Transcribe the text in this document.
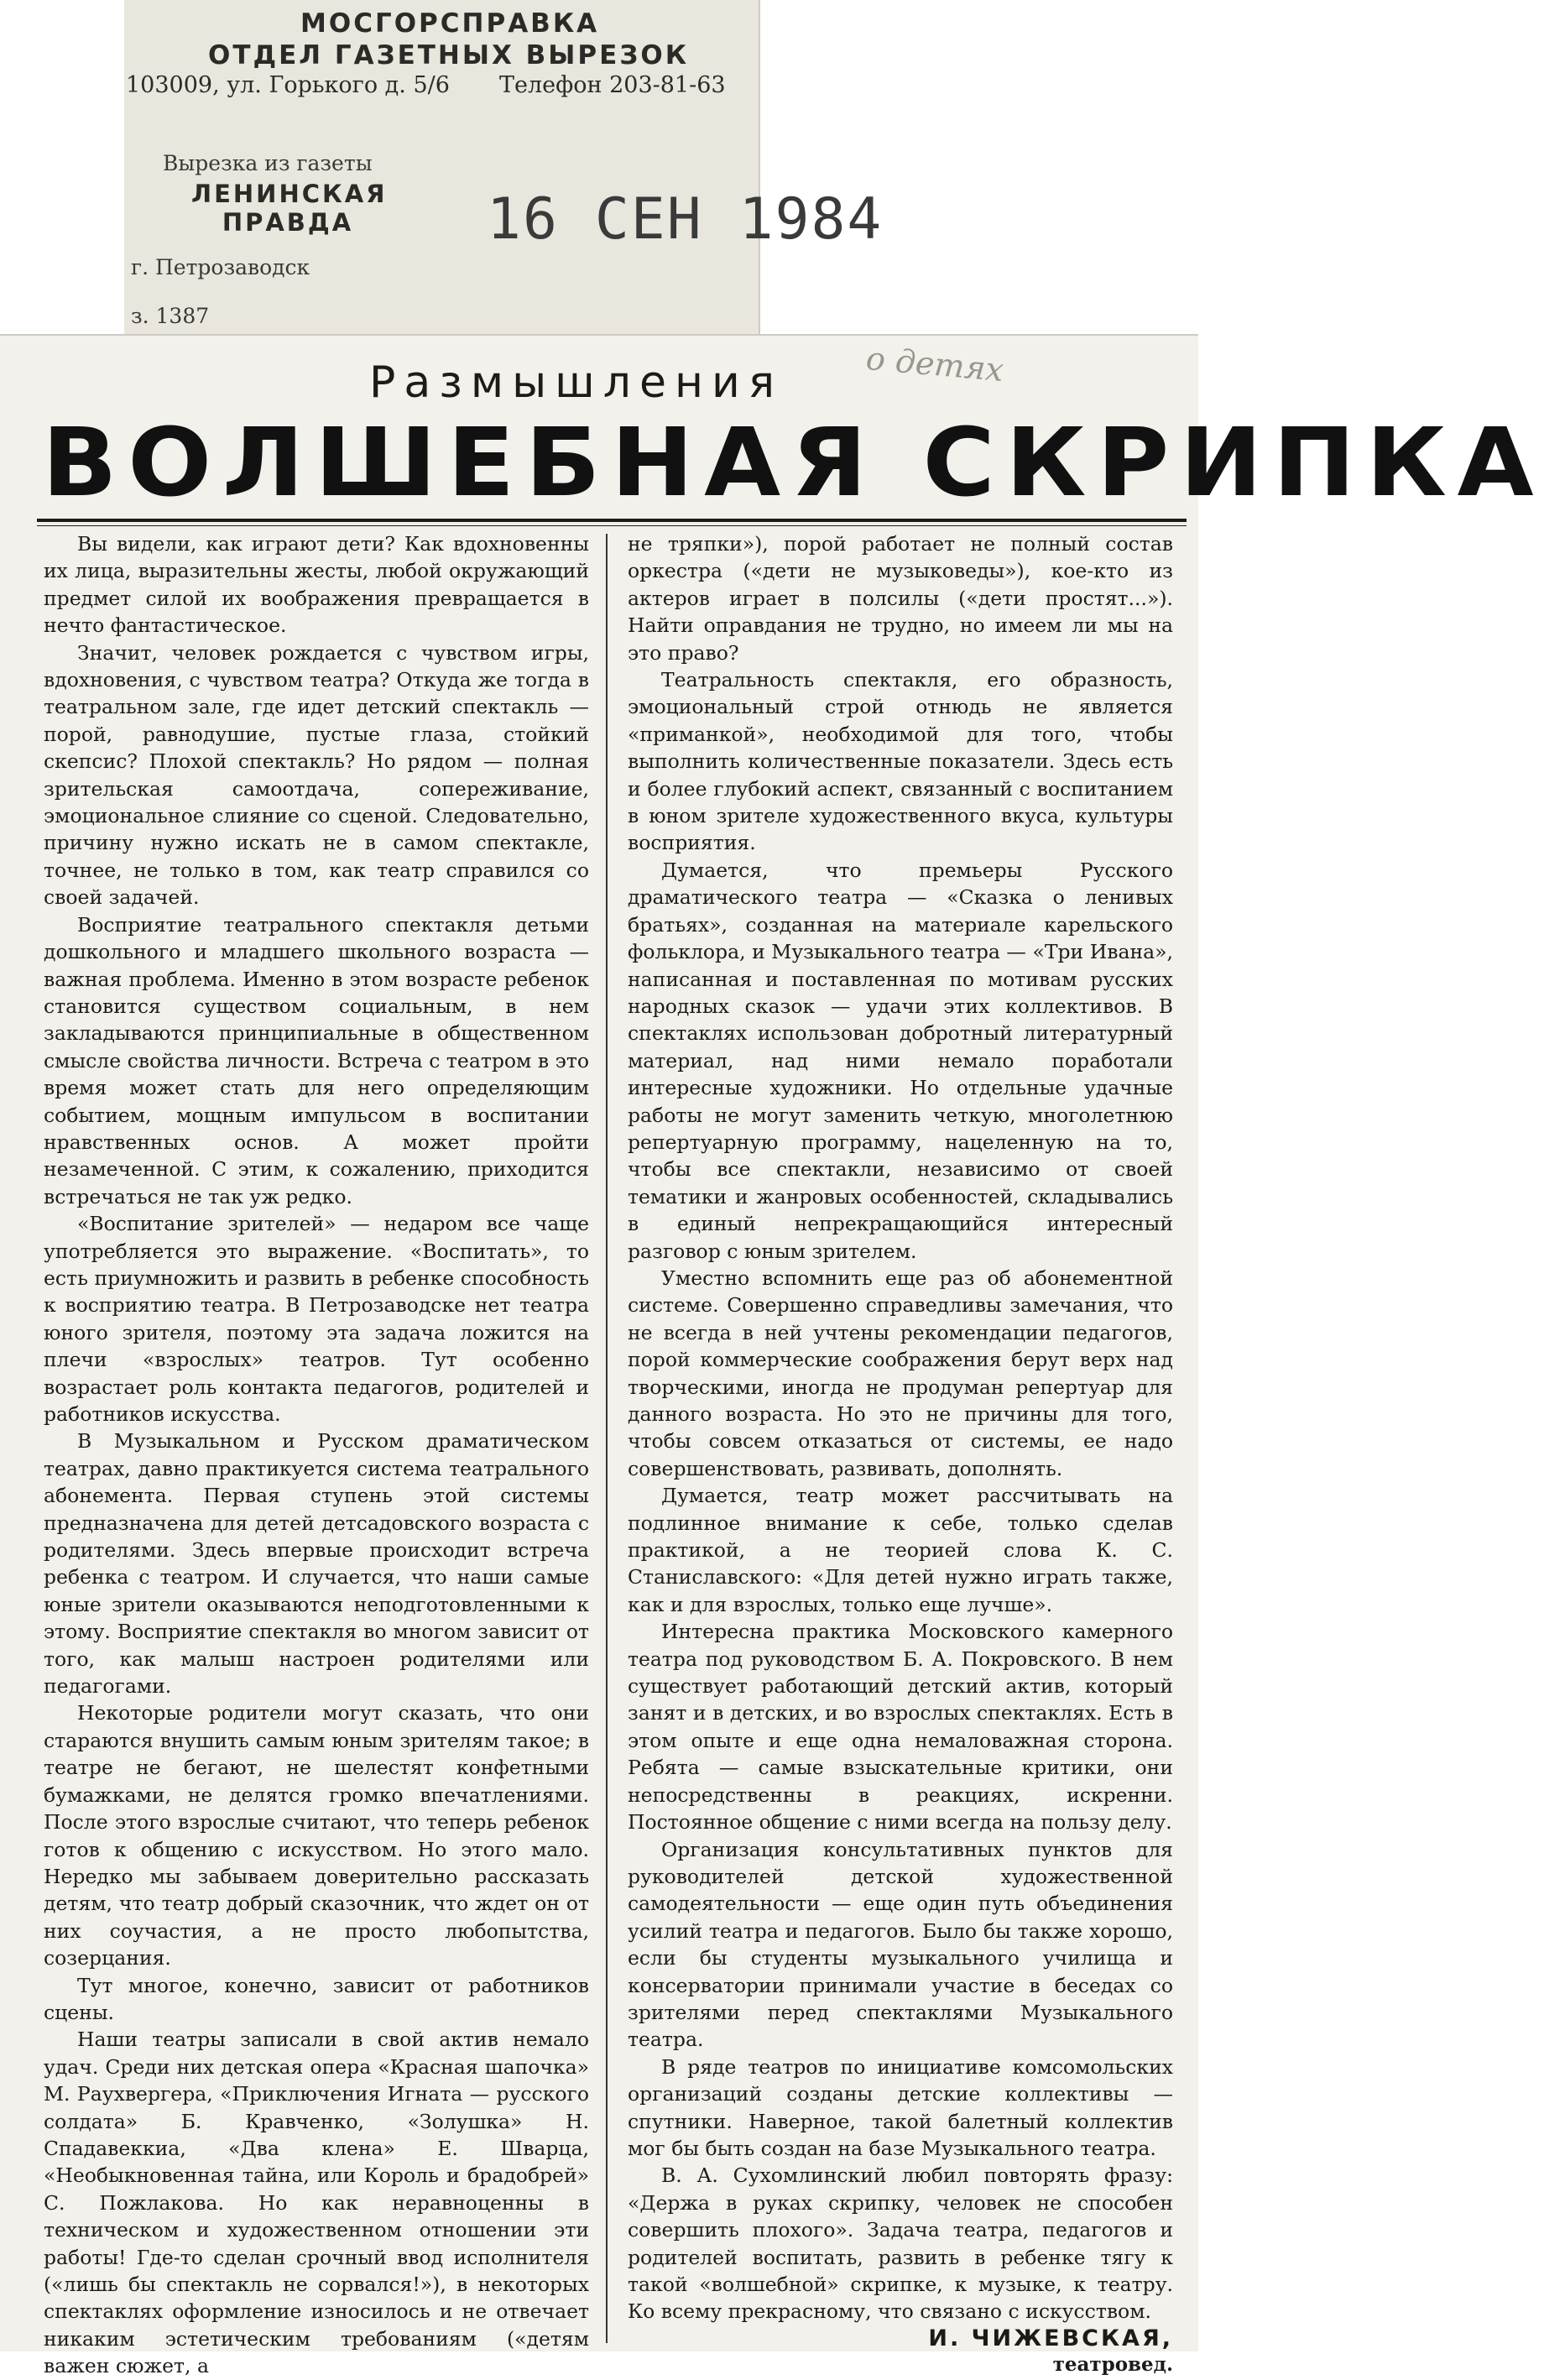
МОСГОРСПРАВКА
ОТДЕЛ ГАЗЕТНЫХ ВЫРЕЗОК
103009, ул. Горького д. 5/6 Телефон 203-81-63
Вырезка из газеты
ЛЕНИНСКАЯ ПРАВДА	16 СЕН 1984
г. Петрозаводск
з. 1387
Размышления	о детях
ВОЛШЕБНАЯ СКРИПКА

Вы видели, как играют дети? Как вдохновенны их лица, выразительны жесты, любой окружающий предмет силой их воображения превращается в нечто фантастическое.

Значит, человек рождается с чувством игры, вдохновения, с чувством театра? Откуда же тогда в театральном зале, где идет детский спектакль — порой, равнодушие, пустые глаза, стойкий скепсис? Плохой спектакль? Но рядом — полная зрительская самоотдача, сопереживание, эмоциональное слияние со сценой. Следовательно, причину нужно искать не в самом спектакле, точнее, не только в том, как театр справился со своей задачей.

Восприятие театрального спектакля детьми дошкольного и младшего школьного возраста — важная проблема. Именно в этом возрасте ребенок становится существом социальным, в нем закладываются принципиальные в общественном смысле свойства личности. Встреча с театром в это время может стать для него определяющим событием, мощным импульсом в воспитании нравственных основ. А может пройти незамеченной. С этим, к сожалению, приходится встречаться не так уж редко.

«Воспитание зрителей» — недаром все чаще употребляется это выражение. «Воспитать», то есть приумножить и развить в ребенке способность к восприятию театра. В Петрозаводске нет театра юного зрителя, поэтому эта задача ложится на плечи «взрослых» театров. Тут особенно возрастает роль контакта педагогов, родителей и работников искусства.

В Музыкальном и Русском драматическом театрах, давно практикуется система театрального абонемента. Первая ступень этой системы предназначена для детей детсадовского возраста с родителями. Здесь впервые происходит встреча ребенка с театром. И случается, что наши самые юные зрители оказываются неподготовленными к этому. Восприятие спектакля во многом зависит от того, как малыш настроен родителями или педагогами.

Некоторые родители могут сказать, что они стараются внушить самым юным зрителям такое; в театре не бегают, не шелестят конфетными бумажками, не делятся громко впечатлениями. После этого взрослые считают, что теперь ребенок готов к общению с искусством. Но этого мало. Нередко мы забываем доверительно рассказать детям, что театр добрый сказочник, что ждет он от них соучастия, а не просто любопытства, созерцания.

Тут многое, конечно, зависит от работников сцены.

Наши театры записали в свой актив немало удач. Среди них детская опера «Красная шапочка» М. Раухвергера, «Приключения Игната — русского солдата» Б. Кравченко, «Золушка» Н. Спадавеккиа, «Два клена» Е. Шварца, «Необыкновенная тайна, или Король и брадобрей» С. Пожлакова. Но как неравноценны в техническом и художественном отношении эти работы! Где-то сделан срочный ввод исполнителя («лишь бы спектакль не сорвался!»), в некоторых спектаклях оформление износилось и не отвечает никаким эстетическим требованиям («детям важен сюжет, а

не тряпки»), порой работает не полный состав оркестра («дети не музыковеды»), кое-кто из актеров играет в полсилы («дети простят...»). Найти оправдания не трудно, но имеем ли мы на это право?

Театральность спектакля, его образность, эмоциональный строй отнюдь не является «приманкой», необходимой для того, чтобы выполнить количественные показатели. Здесь есть и более глубокий аспект, связанный с воспитанием в юном зрителе художественного вкуса, культуры восприятия.

Думается, что премьеры Русского драматического театра — «Сказка о ленивых братьях», созданная на материале карельского фольклора, и Музыкального театра — «Три Ивана», написанная и поставленная по мотивам русских народных сказок — удачи этих коллективов. В спектаклях использован добротный литературный материал, над ними немало поработали интересные художники. Но отдельные удачные работы не могут заменить четкую, многолетнюю репертуарную программу, нацеленную на то, чтобы все спектакли, независимо от своей тематики и жанровых особенностей, складывались в единый непрекращающийся интересный разговор с юным зрителем.

Уместно вспомнить еще раз об абонементной системе. Совершенно справедливы замечания, что не всегда в ней учтены рекомендации педагогов, порой коммерческие соображения берут верх над творческими, иногда не продуман репертуар для данного возраста. Но это не причины для того, чтобы совсем отказаться от системы, ее надо совершенствовать, развивать, дополнять.

Думается, театр может рассчитывать на подлинное внимание к себе, только сделав практикой, а не теорией слова К. С. Станиславского: «Для детей нужно играть также, как и для взрослых, только еще лучше».

Интересна практика Московского камерного театра под руководством Б. А. Покровского. В нем существует работающий детский актив, который занят и в детских, и во взрослых спектаклях. Есть в этом опыте и еще одна немаловажная сторона. Ребята — самые взыскательные критики, они непосредственны в реакциях, искренни. Постоянное общение с ними всегда на пользу делу.

Организация консультативных пунктов для руководителей детской художественной самодеятельности — еще один путь объединения усилий театра и педагогов. Было бы также хорошо, если бы студенты музыкального училища и консерватории принимали участие в беседах со зрителями перед спектаклями Музыкального театра.

В ряде театров по инициативе комсомольских организаций созданы детские коллективы — спутники. Наверное, такой балетный коллектив мог бы быть создан на базе Музыкального театра.

В. А. Сухомлинский любил повторять фразу: «Держа в руках скрипку, человек не способен совершить плохого». Задача театра, педагогов и родителей воспитать, развить в ребенке тягу к такой «волшебной» скрипке, к музыке, к театру. Ко всему прекрасному, что связано с искусством.

И. ЧИЖЕВСКАЯ,
театровед.
